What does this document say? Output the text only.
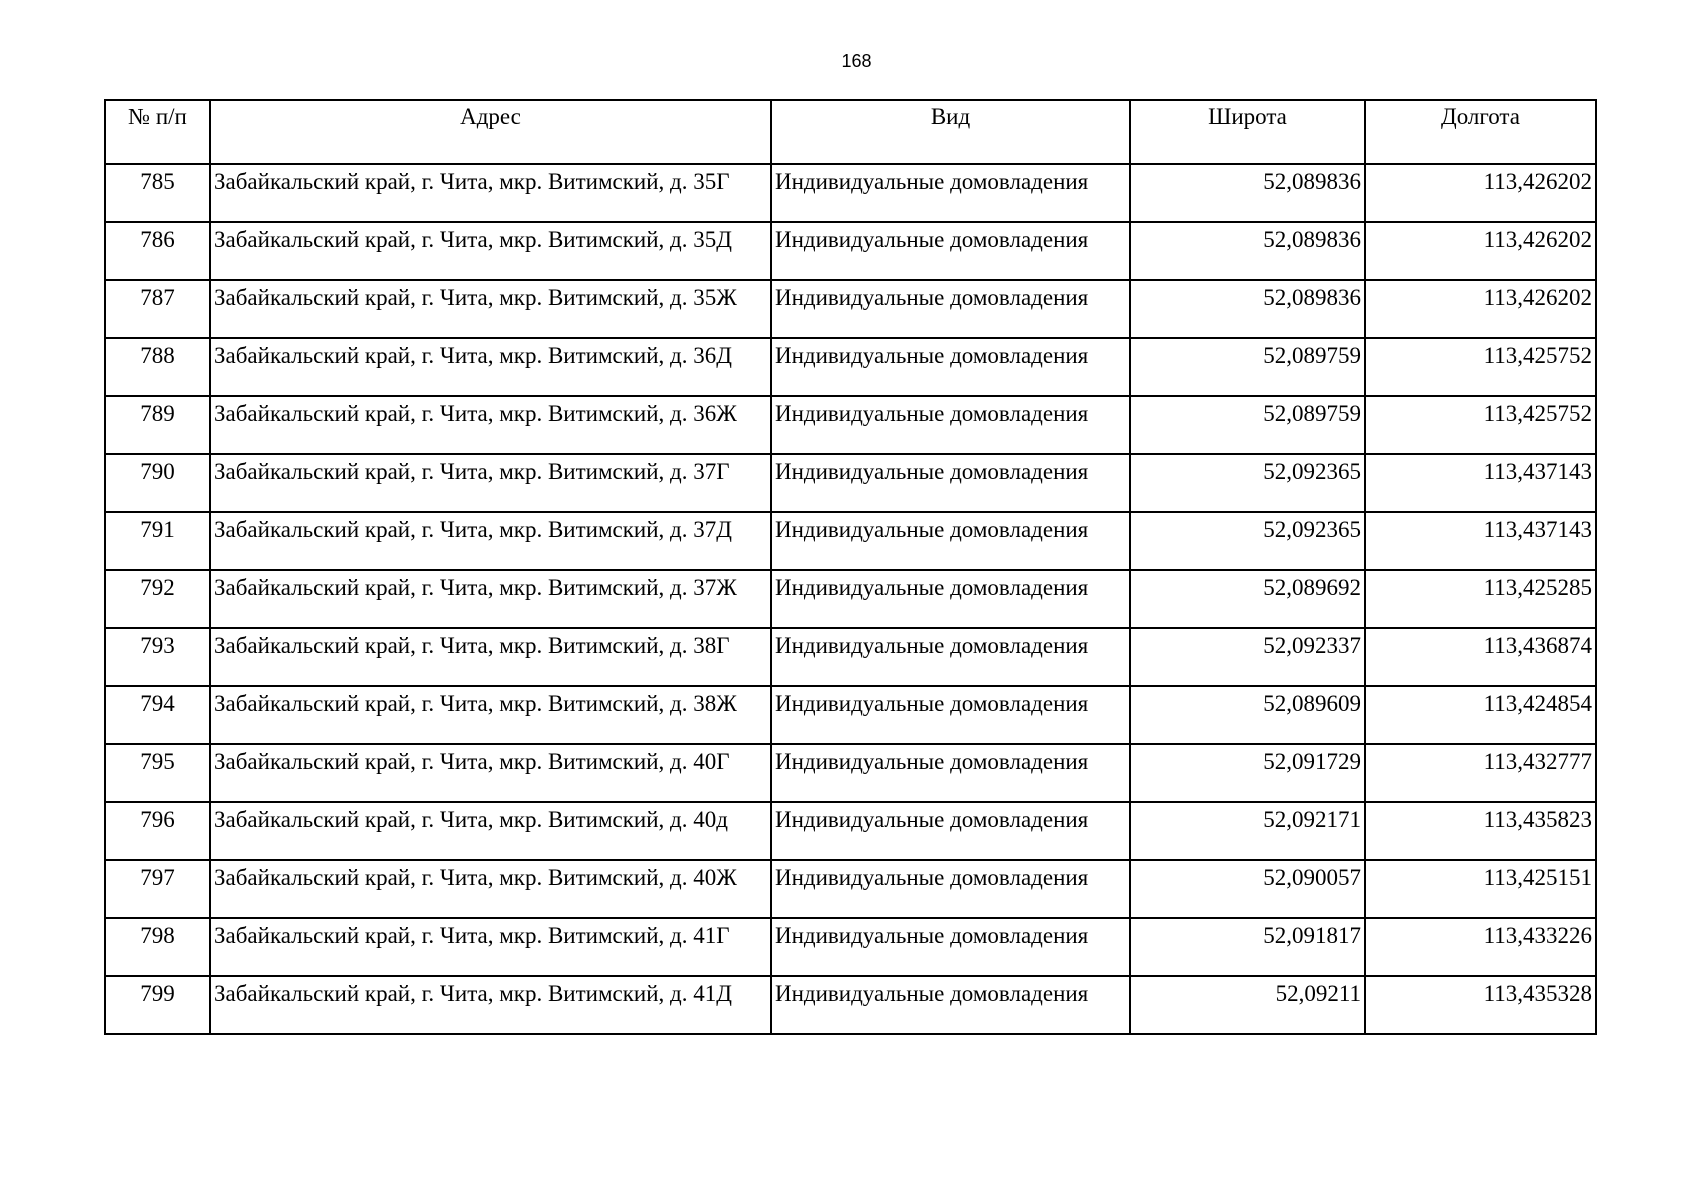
168
№ п/п	Адрес	Вид	Широта	Долгота
785	Забайкальский край, г. Чита, мкр. Витимский, д. 35Г	Индивидуальные домовладения	52,089836	113,426202
786	Забайкальский край, г. Чита, мкр. Витимский, д. 35Д	Индивидуальные домовладения	52,089836	113,426202
787	Забайкальский край, г. Чита, мкр. Витимский, д. 35Ж	Индивидуальные домовладения	52,089836	113,426202
788	Забайкальский край, г. Чита, мкр. Витимский, д. 36Д	Индивидуальные домовладения	52,089759	113,425752
789	Забайкальский край, г. Чита, мкр. Витимский, д. 36Ж	Индивидуальные домовладения	52,089759	113,425752
790	Забайкальский край, г. Чита, мкр. Витимский, д. 37Г	Индивидуальные домовладения	52,092365	113,437143
791	Забайкальский край, г. Чита, мкр. Витимский, д. 37Д	Индивидуальные домовладения	52,092365	113,437143
792	Забайкальский край, г. Чита, мкр. Витимский, д. 37Ж	Индивидуальные домовладения	52,089692	113,425285
793	Забайкальский край, г. Чита, мкр. Витимский, д. 38Г	Индивидуальные домовладения	52,092337	113,436874
794	Забайкальский край, г. Чита, мкр. Витимский, д. 38Ж	Индивидуальные домовладения	52,089609	113,424854
795	Забайкальский край, г. Чита, мкр. Витимский, д. 40Г	Индивидуальные домовладения	52,091729	113,432777
796	Забайкальский край, г. Чита, мкр. Витимский, д. 40д	Индивидуальные домовладения	52,092171	113,435823
797	Забайкальский край, г. Чита, мкр. Витимский, д. 40Ж	Индивидуальные домовладения	52,090057	113,425151
798	Забайкальский край, г. Чита, мкр. Витимский, д. 41Г	Индивидуальные домовладения	52,091817	113,433226
799	Забайкальский край, г. Чита, мкр. Витимский, д. 41Д	Индивидуальные домовладения	52,09211	113,435328
